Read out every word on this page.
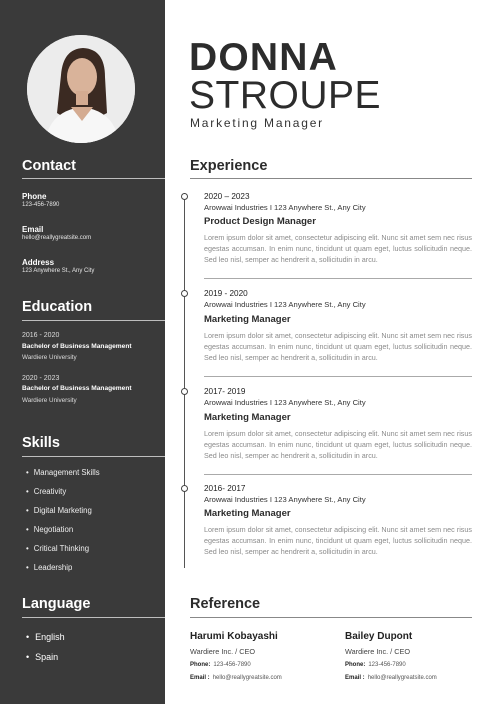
Contact
Phone
123-456-7890
Email
hello@reallygreatsite.com
Address
123 Anywhere St., Any City
Education
2016 - 2020
Bachelor of Business Management
Wardiere University
2020 - 2023
Bachelor of Business Management
Wardiere University
Skills
• Management Skills
• Creativity
• Digital Marketing
• Negotiation
• Critical Thinking
• Leadership
Language
• English
• Spain
DONNA
STROUPE
Marketing Manager
Experience
2020 – 2023
Arowwai Industries I 123 Anywhere St., Any City
Product Design Manager
Lorem ipsum dolor sit amet, consectetur adipiscing elit. Nunc sit amet sem nec risus egestas accumsan. In enim nunc, tincidunt ut quam eget, luctus sollicitudin neque. Sed leo nisl, semper ac hendrerit a, sollicitudin in arcu.
2019 - 2020
Arowwai Industries I 123 Anywhere St., Any City
Marketing Manager
Lorem ipsum dolor sit amet, consectetur adipiscing elit. Nunc sit amet sem nec risus egestas accumsan. In enim nunc, tincidunt ut quam eget, luctus sollicitudin neque. Sed leo nisl, semper ac hendrerit a, sollicitudin in arcu.
2017- 2019
Arowwai Industries I 123 Anywhere St., Any City
Marketing Manager
Lorem ipsum dolor sit amet, consectetur adipiscing elit. Nunc sit amet sem nec risus egestas accumsan. In enim nunc, tincidunt ut quam eget, luctus sollicitudin neque. Sed leo nisl, semper ac hendrerit a, sollicitudin in arcu.
2016- 2017
Arowwai Industries I 123 Anywhere St., Any City
Marketing Manager
Lorem ipsum dolor sit amet, consectetur adipiscing elit. Nunc sit amet sem nec risus egestas accumsan. In enim nunc, tincidunt ut quam eget, luctus sollicitudin neque. Sed leo nisl, semper ac hendrerit a, sollicitudin in arcu.
Reference
Harumi Kobayashi
Wardiere Inc. / CEO
Phone: 123-456-7890
Email : hello@reallygreatsite.com
Bailey Dupont
Wardiere Inc. / CEO
Phone: 123-456-7890
Email : hello@reallygreatsite.com
